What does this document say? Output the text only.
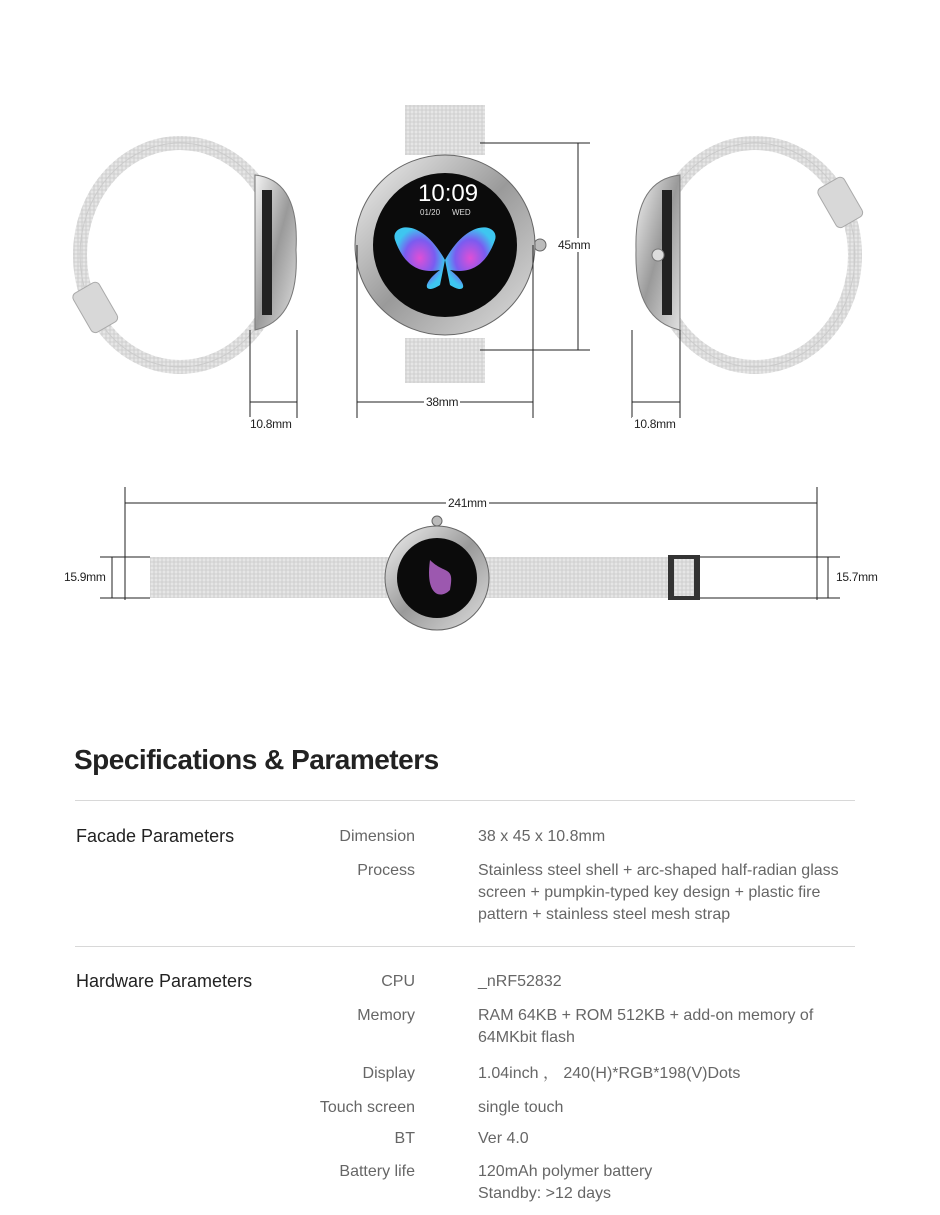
10:09
01/20 WED
45mm
38mm
10.8mm	10.8mm
241mm
15.9mm	15.7mm
Specifications & Parameters
Facade Parameters	Dimension	38 x 45 x 10.8mm
Process	Stainless steel shell + arc-shaped half-radian glass screen + pumpkin-typed key design + plastic fire pattern + stainless steel mesh strap
Hardware Parameters	CPU	_nRF52832
Memory	RAM 64KB + ROM 512KB + add-on memory of 64MKbit flash
Display	1.04inch ， 240(H)*RGB*198(V)Dots
Touch screen	single touch
BT	Ver 4.0
Battery life	120mAh polymer battery
Standby: >12 days
